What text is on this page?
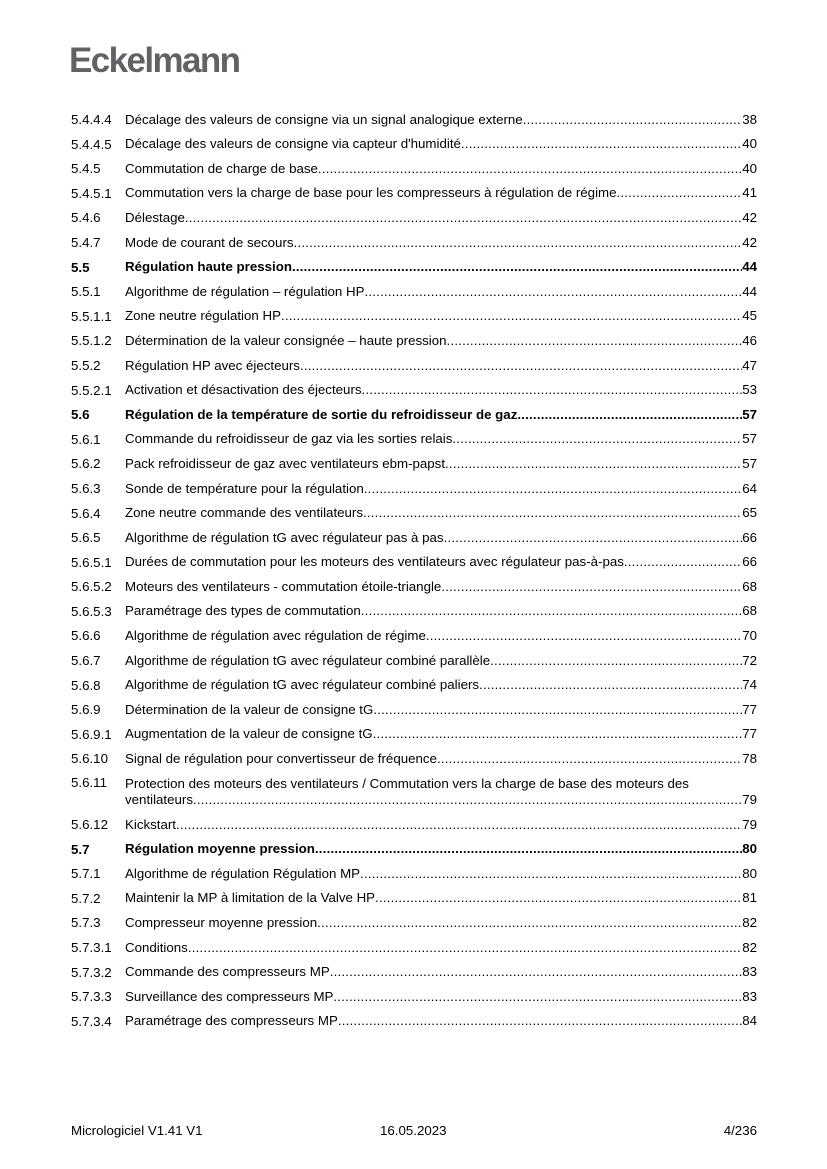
Eckelmann
5.4.4.4	Décalage des valeurs de consigne via un signal analogique externe .....	38
5.4.4.5	Décalage des valeurs de consigne via capteur d'humidité .....	40
5.4.5	Commutation de charge de base .....	40
5.4.5.1	Commutation vers la charge de base pour les compresseurs à régulation de régime .....	41
5.4.6	Délestage .....	42
5.4.7	Mode de courant de secours .....	42
5.5	Régulation haute pression .....	44
5.5.1	Algorithme de régulation – régulation HP .....	44
5.5.1.1	Zone neutre régulation HP .....	45
5.5.1.2	Détermination de la valeur consignée – haute pression .....	46
5.5.2	Régulation HP avec éjecteurs .....	47
5.5.2.1	Activation et désactivation des éjecteurs .....	53
5.6	Régulation de la température de sortie du refroidisseur de gaz .....	57
5.6.1	Commande du refroidisseur de gaz via les sorties relais .....	57
5.6.2	Pack refroidisseur de gaz avec ventilateurs ebm-papst .....	57
5.6.3	Sonde de température pour la régulation .....	64
5.6.4	Zone neutre commande des ventilateurs .....	65
5.6.5	Algorithme de régulation tG avec régulateur pas à pas .....	66
5.6.5.1	Durées de commutation pour les moteurs des ventilateurs avec régulateur pas-à-pas .....	66
5.6.5.2	Moteurs des ventilateurs - commutation étoile-triangle .....	68
5.6.5.3	Paramétrage des types de commutation .....	68
5.6.6	Algorithme de régulation avec régulation de régime .....	70
5.6.7	Algorithme de régulation tG avec régulateur combiné parallèle .....	72
5.6.8	Algorithme de régulation tG avec régulateur combiné paliers .....	74
5.6.9	Détermination de la valeur de consigne tG .....	77
5.6.9.1	Augmentation de la valeur de consigne tG .....	77
5.6.10	Signal de régulation pour convertisseur de fréquence .....	78
5.6.11	Protection des moteurs des ventilateurs / Commutation vers la charge de base des moteurs des
ventilateurs .....	79
5.6.12	Kickstart .....	79
5.7	Régulation moyenne pression .....	80
5.7.1	Algorithme de régulation Régulation MP .....	80
5.7.2	Maintenir la MP à limitation de la Valve HP .....	81
5.7.3	Compresseur moyenne pression .....	82
5.7.3.1	Conditions .....	82
5.7.3.2	Commande des compresseurs MP .....	83
5.7.3.3	Surveillance des compresseurs MP .....	83
5.7.3.4	Paramétrage des compresseurs MP .....	84
Micrologiciel V1.41 V1	16.05.2023	4/236
